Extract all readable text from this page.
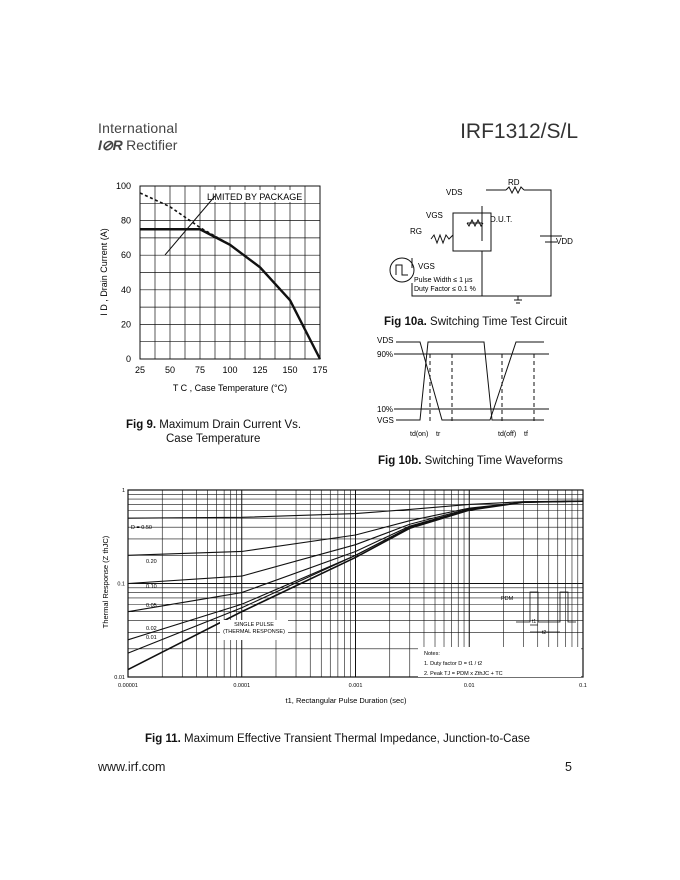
International
I⊘R Rectifier
IRF1312/S/L
25 50 75 100 125 150 175
0
20
40
60
80
100
LIMITED BY PACKAGE
T C , Case Temperature (°C)
I D , Drain Current (A)
Fig 9. Maximum Drain Current Vs.
Case Temperature
VDS
RD
D.U.T.
VGS
RG
VDD
VGS
Pulse Width ≤ 1 µs
Duty Factor ≤ 0.1 %
Fig 10a. Switching Time Test Circuit
VDS
90%
10%
VGS
td(on) tr	td(off) tf
Fig 10b. Switching Time Waveforms
0.00001	0.0001	0.001	0.01	0.1
0.01
0.1
1
D = 0.50
0.20
0.10
0.05
0.02
0.01
SINGLE PULSE
(THERMAL RESPONSE)
Notes:
1. Duty factor D = t1 / t2
2. Peak TJ = PDM x ZthJC + TC
PDM
t1
t2
t1, Rectangular Pulse Duration (sec)
Thermal Response (Z thJC)
Fig 11. Maximum Effective Transient Thermal Impedance, Junction-to-Case
www.irf.com	5
